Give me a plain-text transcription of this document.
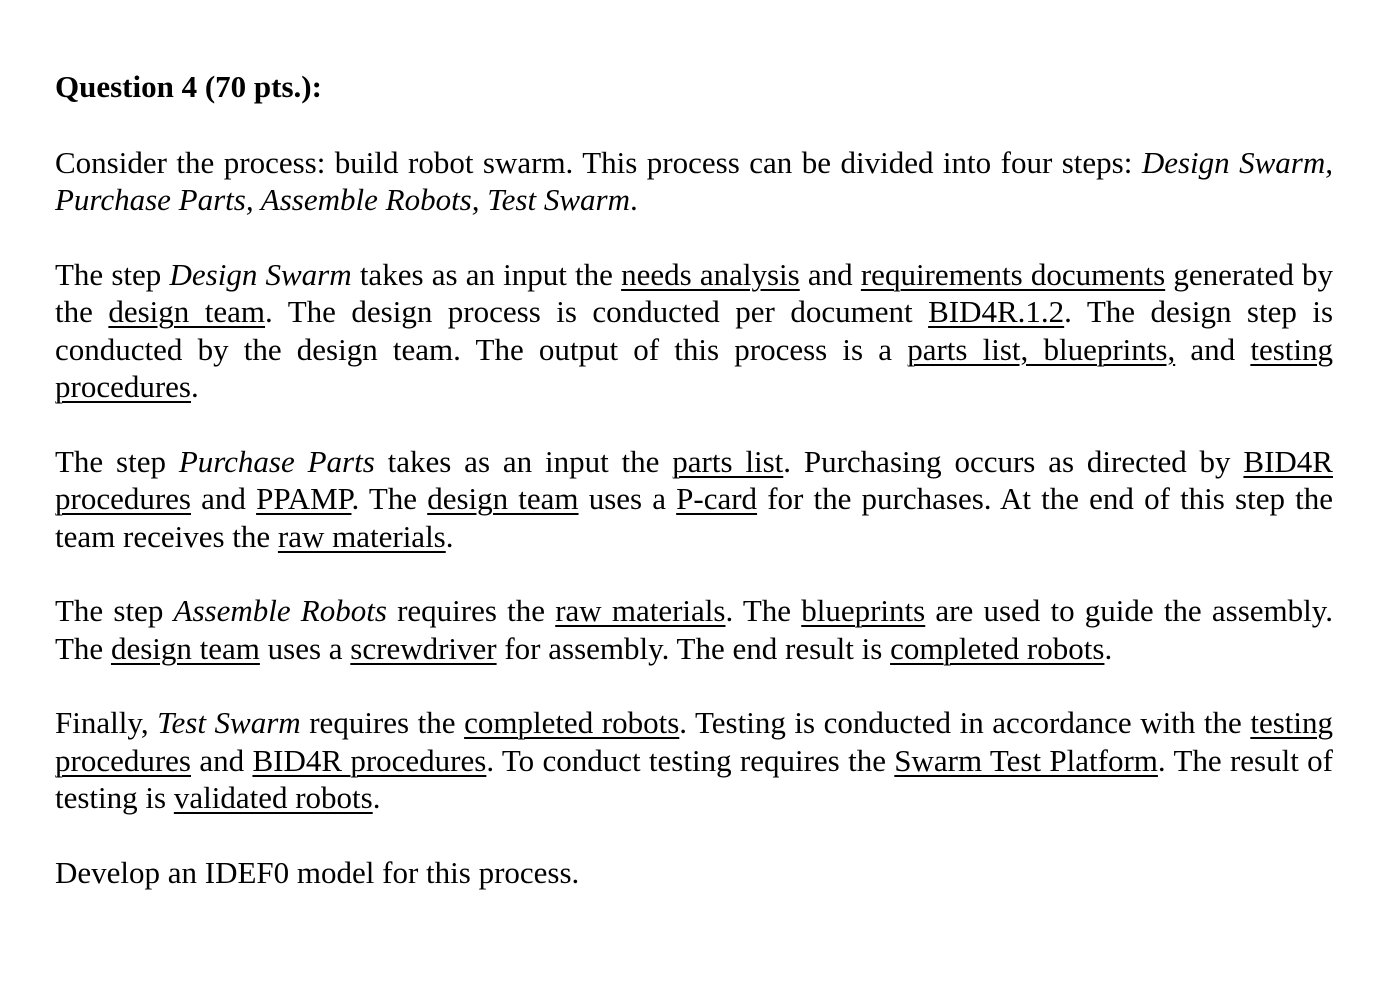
Question 4 (70 pts.):

Consider the process: build robot swarm. This process can be divided into four steps: Design Swarm, Purchase Parts, Assemble Robots, Test Swarm.

The step Design Swarm takes as an input the needs analysis and requirements documents generated by the design team. The design process is conducted per document BID4R.1.2. The design step is conducted by the design team. The output of this process is a parts list, blueprints, and testing procedures.

The step Purchase Parts takes as an input the parts list. Purchasing occurs as directed by BID4R procedures and PPAMP. The design team uses a P-card for the purchases. At the end of this step the team receives the raw materials.

The step Assemble Robots requires the raw materials. The blueprints are used to guide the assembly. The design team uses a screwdriver for assembly. The end result is completed robots.

Finally, Test Swarm requires the completed robots. Testing is conducted in accordance with the testing procedures and BID4R procedures. To conduct testing requires the Swarm Test Platform. The result of testing is validated robots.

Develop an IDEF0 model for this process.
